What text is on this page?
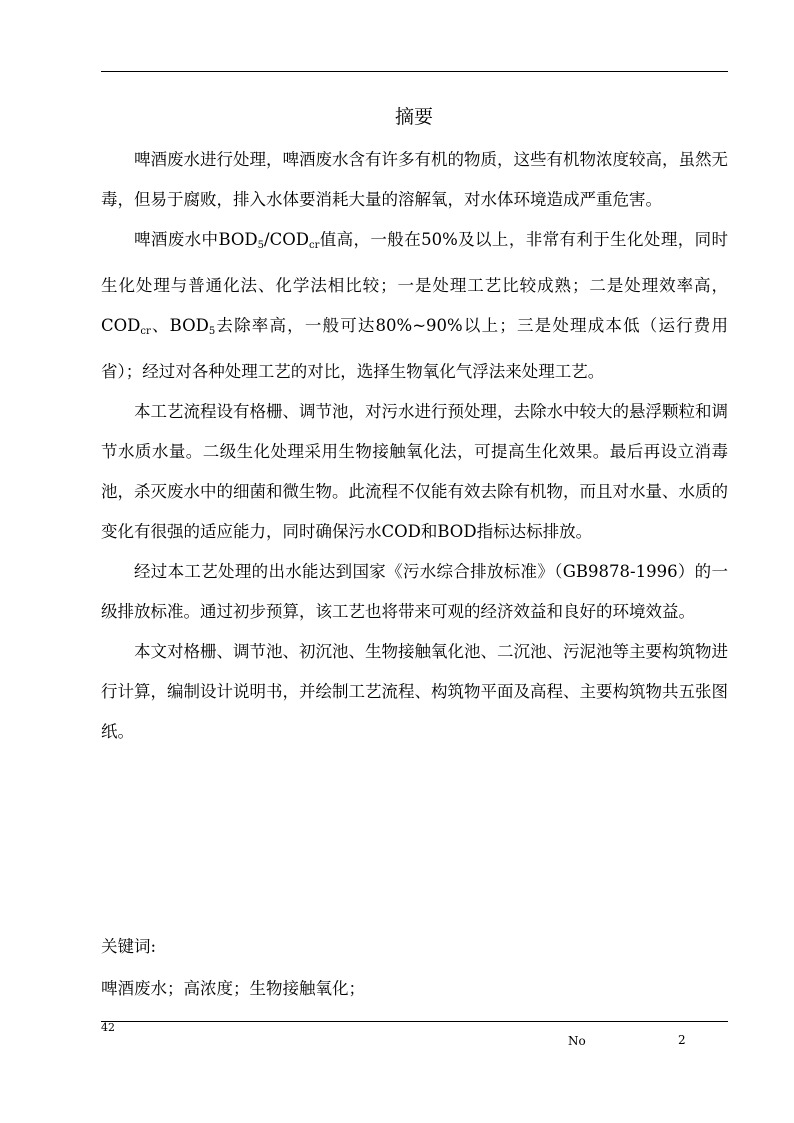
摘要

啤酒废水进行处理，啤酒废水含有许多有机的物质，这些有机物浓度较高，虽然无毒，但易于腐败，排入水体要消耗大量的溶解氧，对水体环境造成严重危害。

啤酒废水中$BOD_5/COD_{cr}$值高，一般在50%及以上，非常有利于生化处理，同时生化处理与普通化法、化学法相比较；一是处理工艺比较成熟；二是处理效率高，$COD_{cr}$、$BOD_5$去除率高，一般可达80%~90%以上；三是处理成本低（运行费用省）；经过对各种处理工艺的对比，选择生物氧化气浮法来处理工艺。

本工艺流程设有格栅、调节池，对污水进行预处理，去除水中较大的悬浮颗粒和调节水质水量。二级生化处理采用生物接触氧化法，可提高生化效果。最后再设立消毒池，杀灭废水中的细菌和微生物。此流程不仅能有效去除有机物，而且对水量、水质的变化有很强的适应能力，同时确保污水COD和BOD指标达标排放。

经过本工艺处理的出水能达到国家《污水综合排放标准》（GB9878-1996）的一级排放标准。通过初步预算，该工艺也将带来可观的经济效益和良好的环境效益。

本文对格栅、调节池、初沉池、生物接触氧化池、二沉池、污泥池等主要构筑物进行计算，编制设计说明书，并绘制工艺流程、构筑物平面及高程、主要构筑物共五张图纸。

关键词:
啤酒废水；高浓度；生物接触氧化；
42
No	2
